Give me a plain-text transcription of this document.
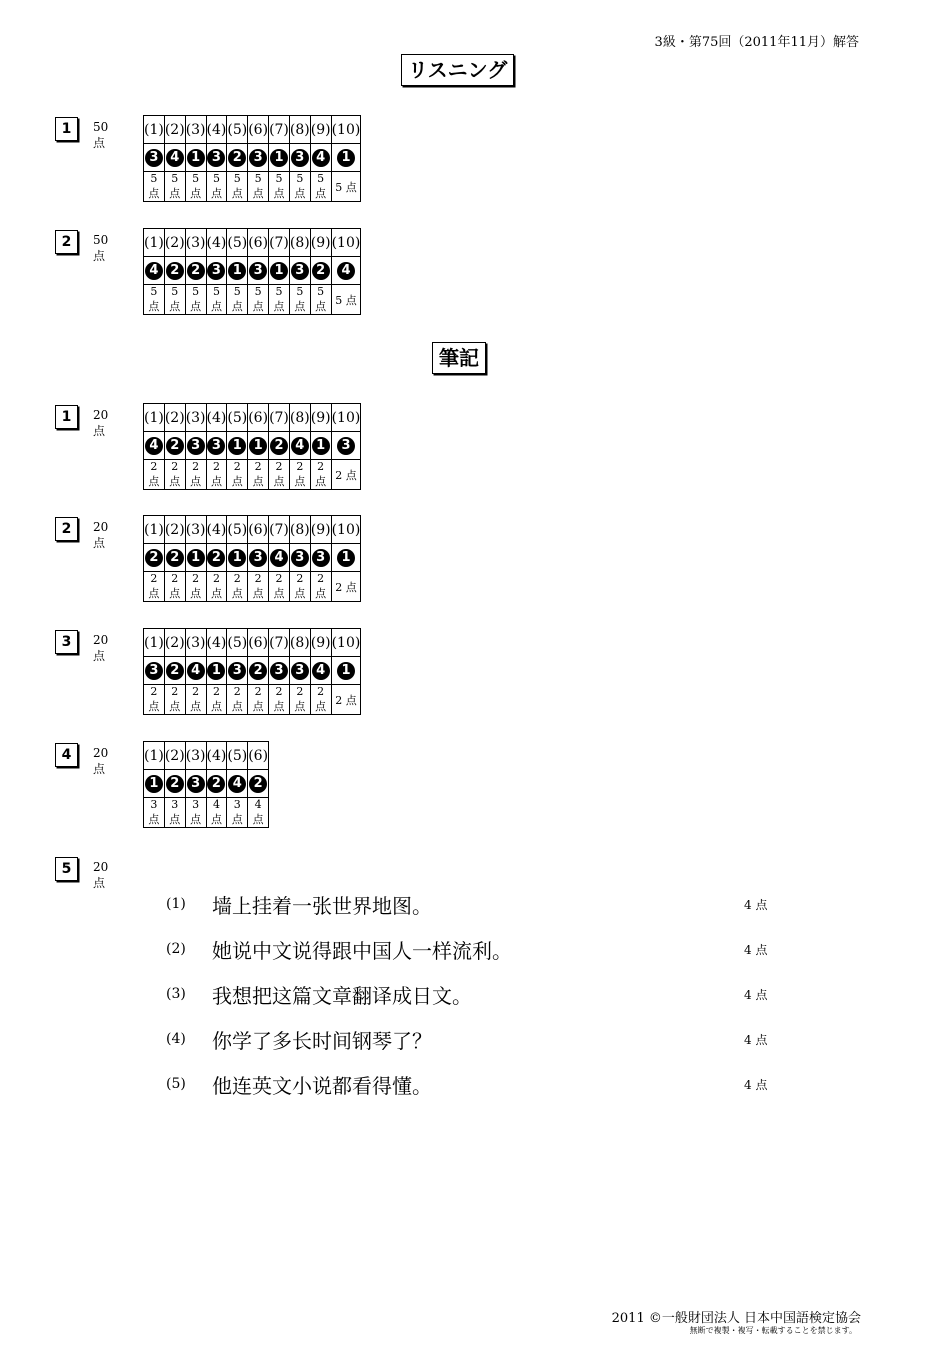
3級・第75回（2011年11月）解答
リスニング
1	50 点
(1)	(2)	(3)	(4)	(5)	(6)	(7)	(8)	(9)	(10)
3	4	1	3	2	3	1	3	4	1
5 点	5 点	5 点	5 点	5 点	5 点	5 点	5 点	5 点	5 点
2	50 点
(1)	(2)	(3)	(4)	(5)	(6)	(7)	(8)	(9)	(10)
4	2	2	3	1	3	1	3	2	4
5 点	5 点	5 点	5 点	5 点	5 点	5 点	5 点	5 点	5 点
筆記
1	20 点
(1)	(2)	(3)	(4)	(5)	(6)	(7)	(8)	(9)	(10)
4	2	3	3	1	1	2	4	1	3
2 点	2 点	2 点	2 点	2 点	2 点	2 点	2 点	2 点	2 点
2	20 点
(1)	(2)	(3)	(4)	(5)	(6)	(7)	(8)	(9)	(10)
2	2	1	2	1	3	4	3	3	1
2 点	2 点	2 点	2 点	2 点	2 点	2 点	2 点	2 点	2 点
3	20 点
(1)	(2)	(3)	(4)	(5)	(6)	(7)	(8)	(9)	(10)
3	2	4	1	3	2	3	3	4	1
2 点	2 点	2 点	2 点	2 点	2 点	2 点	2 点	2 点	2 点
4	20 点
(1)	(2)	(3)	(4)	(5)	(6)
1	2	3	2	4	2
3 点	3 点	3 点	4 点	3 点	4 点
5	20 点
(1) 墙上挂着一张世界地图。	4 点
(2) 她说中文说得跟中国人一样流利。	4 点
(3) 我想把这篇文章翻译成日文。	4 点
(4) 你学了多长时间钢琴了？	4 点
(5) 他连英文小说都看得懂。	4 点
2011 ©一般財団法人 日本中国語検定協会
無断で複製・複写・転載することを禁じます。
